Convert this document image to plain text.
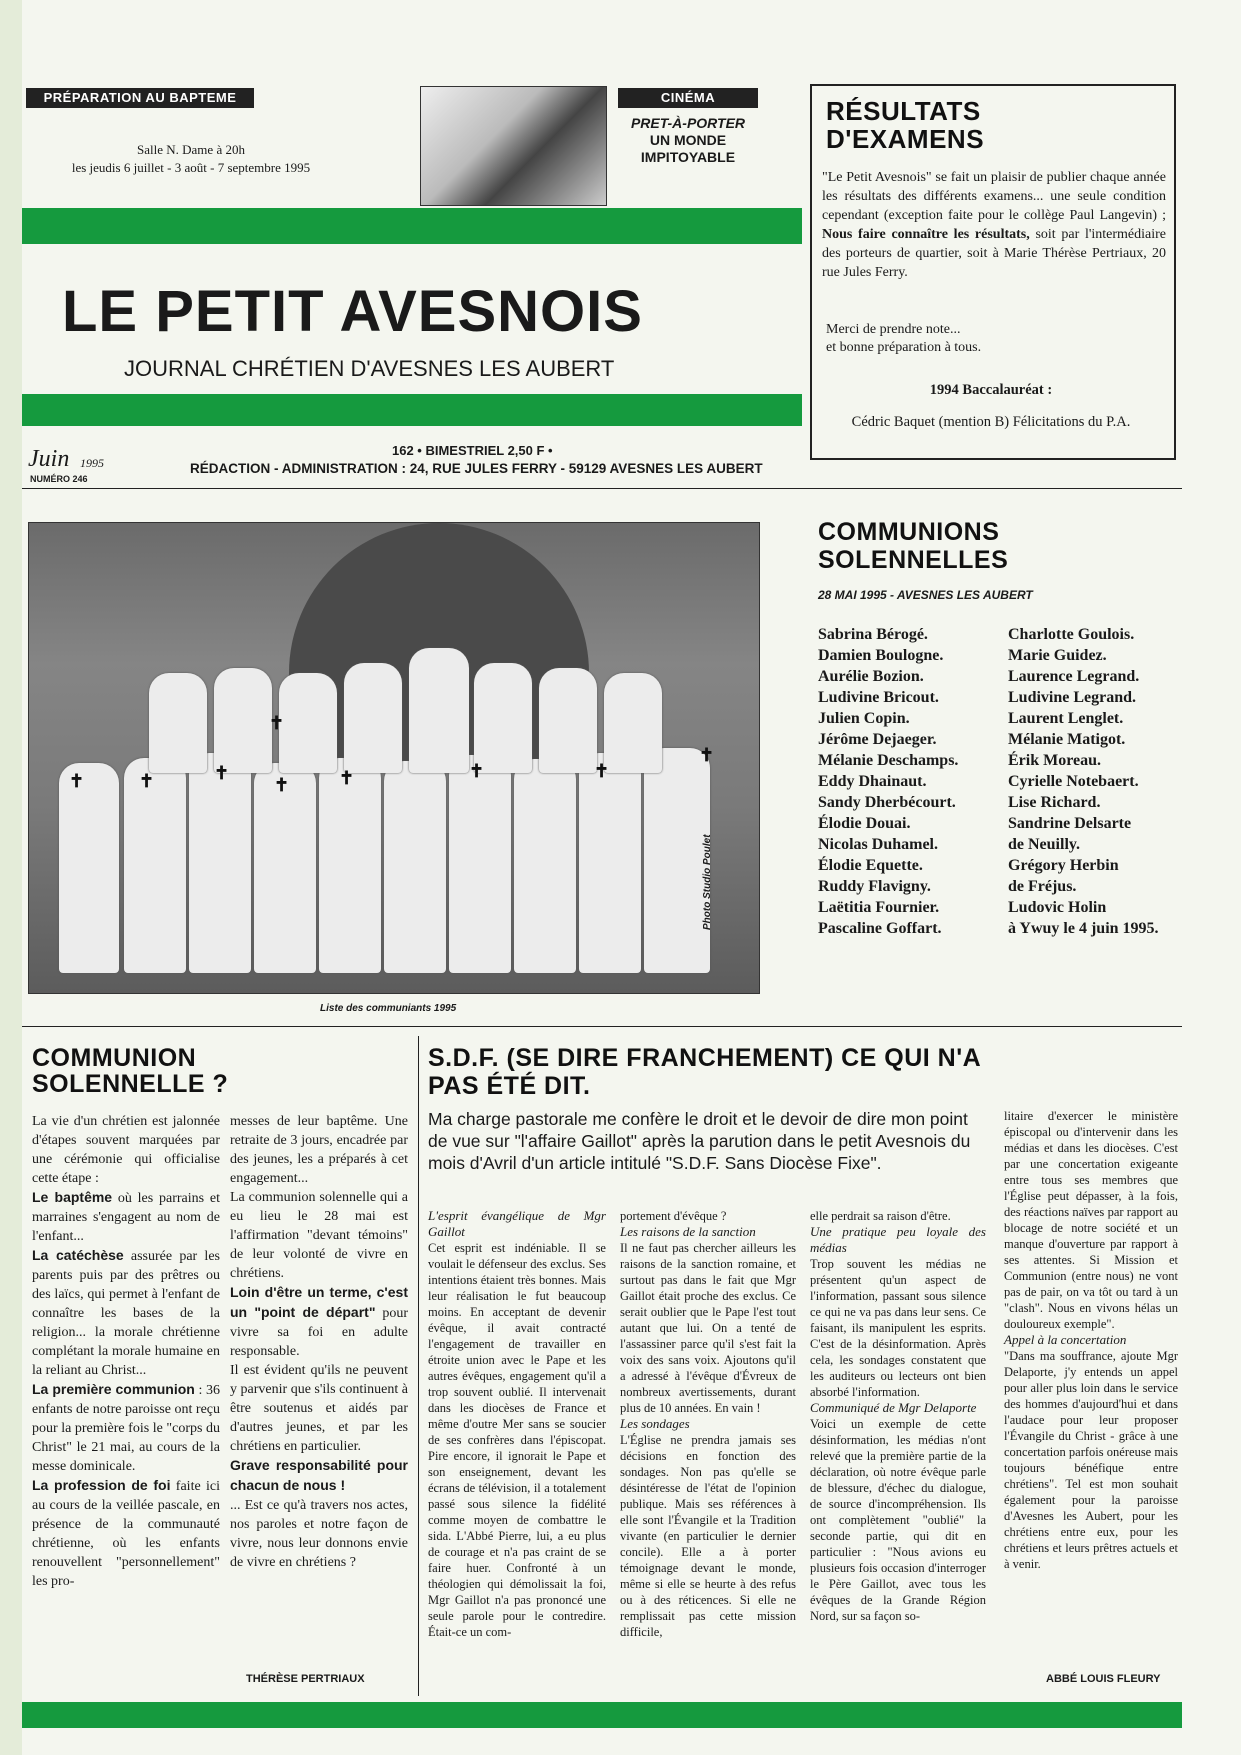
PRÉPARATION AU BAPTEME
Salle N. Dame à 20h
les jeudis 6 juillet - 3 août - 7 septembre 1995
CINÉMA
PRET-À-PORTER
UN MONDE
IMPITOYABLE
LE PETIT AVESNOIS
JOURNAL CHRÉTIEN D'AVESNES LES AUBERT
Juin 1995
NUMÉRO 246
162 • BIMESTRIEL 2,50 F •
RÉDACTION - ADMINISTRATION : 24, RUE JULES FERRY - 59129 AVESNES LES AUBERT
RÉSULTATS
D'EXAMENS
"Le Petit Avesnois" se fait un plaisir de publier chaque année les résultats des différents examens... une seule condition cependant (exception faite pour le collège Paul Langevin) ; Nous faire connaître les résultats, soit par l'intermédiaire des porteurs de quartier, soit à Marie Thérèse Pertriaux, 20 rue Jules Ferry.
Merci de prendre note...
et bonne préparation à tous.
1994 Baccalauréat :
Cédric Baquet (mention B) Félicitations du P.A.
✝	✝	✝
✝	✝	✝	✝
✝
✝
Photo Studio Poulet
Liste des communiants 1995
COMMUNIONS
SOLENNELLES
28 MAI 1995 - AVESNES LES AUBERT
Sabrina Bérogé.
Damien Boulogne.
Aurélie Bozion.
Ludivine Bricout.
Julien Copin.
Jérôme Dejaeger.
Mélanie Deschamps.
Eddy Dhainaut.
Sandy Dherbécourt.
Élodie Douai.
Nicolas Duhamel.
Élodie Equette.
Ruddy Flavigny.
Laëtitia Fournier.
Pascaline Goffart.
Charlotte Goulois.
Marie Guidez.
Laurence Legrand.
Ludivine Legrand.
Laurent Lenglet.
Mélanie Matigot.
Érik Moreau.
Cyrielle Notebaert.
Lise Richard.
Sandrine Delsarte
de Neuilly.
Grégory Herbin
de Fréjus.
Ludovic Holin
à Ywuy le 4 juin 1995.
COMMUNION
SOLENNELLE ?
La vie d'un chrétien est jalonnée d'étapes souvent marquées par une cérémonie qui officialise cette étape :
Le baptême où les parrains et marraines s'engagent au nom de l'enfant...
La catéchèse assurée par les parents puis par des prêtres ou des laïcs, qui permet à l'enfant de connaître les bases de la religion... la morale chrétienne complétant la morale humaine en la reliant au Christ...
La première communion : 36 enfants de notre paroisse ont reçu pour la première fois le "corps du Christ" le 21 mai, au cours de la messe dominicale.
La profession de foi faite ici au cours de la veillée pascale, en présence de la communauté chrétienne, où les enfants renouvellent "personnellement" les pro-
messes de leur baptême. Une retraite de 3 jours, encadrée par des jeunes, les a préparés à cet engagement...
La communion solennelle qui a eu lieu le 28 mai est l'affirmation "devant témoins" de leur volonté de vivre en chrétiens.
Loin d'être un terme, c'est un "point de départ" pour vivre sa foi en adulte responsable.
Il est évident qu'ils ne peuvent y parvenir que s'ils continuent à être soutenus et aidés par d'autres jeunes, et par les chrétiens en particulier.
Grave responsabilité pour chacun de nous !
... Est ce qu'à travers nos actes, nos paroles et notre façon de vivre, nous leur donnons envie de vivre en chrétiens ?
THÉRÈSE PERTRIAUX
S.D.F. (SE DIRE FRANCHEMENT) CE QUI N'A
PAS ÉTÉ DIT.
Ma charge pastorale me confère le droit et le devoir de dire mon point de vue sur "l'affaire Gaillot" après la parution dans le petit Avesnois du mois d'Avril d'un article intitulé "S.D.F. Sans Diocèse Fixe".
L'esprit évangélique de Mgr Gaillot
Cet esprit est indéniable. Il se voulait le défenseur des exclus. Ses intentions étaient très bonnes. Mais leur réalisation le fut beaucoup moins. En acceptant de devenir évêque, il avait contracté l'engagement de travailler en étroite union avec le Pape et les autres évêques, engagement qu'il a trop souvent oublié. Il intervenait dans les diocèses de France et même d'outre Mer sans se soucier de ses confrères dans l'épiscopat. Pire encore, il ignorait le Pape et son enseignement, devant les écrans de télévision, il a totalement passé sous silence la fidélité comme moyen de combattre le sida. L'Abbé Pierre, lui, a eu plus de courage et n'a pas craint de se faire huer. Confronté à un théologien qui démolissait la foi, Mgr Gaillot n'a pas prononcé une seule parole pour le contredire. Était-ce un com-
portement d'évêque ?
Les raisons de la sanction
Il ne faut pas chercher ailleurs les raisons de la sanction romaine, et surtout pas dans le fait que Mgr Gaillot était proche des exclus. Ce serait oublier que le Pape l'est tout autant que lui. On a tenté de l'assassiner parce qu'il s'est fait la voix des sans voix. Ajoutons qu'il a adressé à l'évêque d'Évreux de nombreux avertissements, durant plus de 10 années. En vain !
Les sondages
L'Église ne prendra jamais ses décisions en fonction des sondages. Non pas qu'elle se désintéresse de l'état de l'opinion publique. Mais ses références à elle sont l'Évangile et la Tradition vivante (en particulier le dernier concile). Elle a à porter témoignage devant le monde, même si elle se heurte à des refus ou à des réticences. Si elle ne remplissait pas cette mission difficile,
elle perdrait sa raison d'être.
Une pratique peu loyale des médias
Trop souvent les médias ne présentent qu'un aspect de l'information, passant sous silence ce qui ne va pas dans leur sens. Ce faisant, ils manipulent les esprits. C'est de la désinformation. Après cela, les sondages constatent que les auditeurs ou lecteurs ont bien absorbé l'information.
Communiqué de Mgr Delaporte
Voici un exemple de cette désinformation, les médias n'ont relevé que la première partie de la déclaration, où notre évêque parle de blessure, d'échec du dialogue, de source d'incompréhension. Ils ont complètement "oublié" la seconde partie, qui dit en particulier : "Nous avions eu plusieurs fois occasion d'interroger le Père Gaillot, avec tous les évêques de la Grande Région Nord, sur sa façon so-
litaire d'exercer le ministère épiscopal ou d'intervenir dans les médias et dans les diocèses. C'est par une concertation exigeante entre tous ses membres que l'Église peut dépasser, à la fois, des réactions naïves par rapport au blocage de notre société et un manque d'ouverture par rapport à ses attentes. Si Mission et Communion (entre nous) ne vont pas de pair, on va tôt ou tard à un "clash". Nous en vivons hélas un douloureux exemple".
Appel à la concertation
"Dans ma souffrance, ajoute Mgr Delaporte, j'y entends un appel pour aller plus loin dans le service des hommes d'aujourd'hui et dans l'audace pour leur proposer l'Évangile du Christ - grâce à une concertation parfois onéreuse mais toujours bénéfique entre chrétiens". Tel est mon souhait également pour la paroisse d'Avesnes les Aubert, pour les chrétiens entre eux, pour les chrétiens et leurs prêtres actuels et à venir.
ABBÉ LOUIS FLEURY
